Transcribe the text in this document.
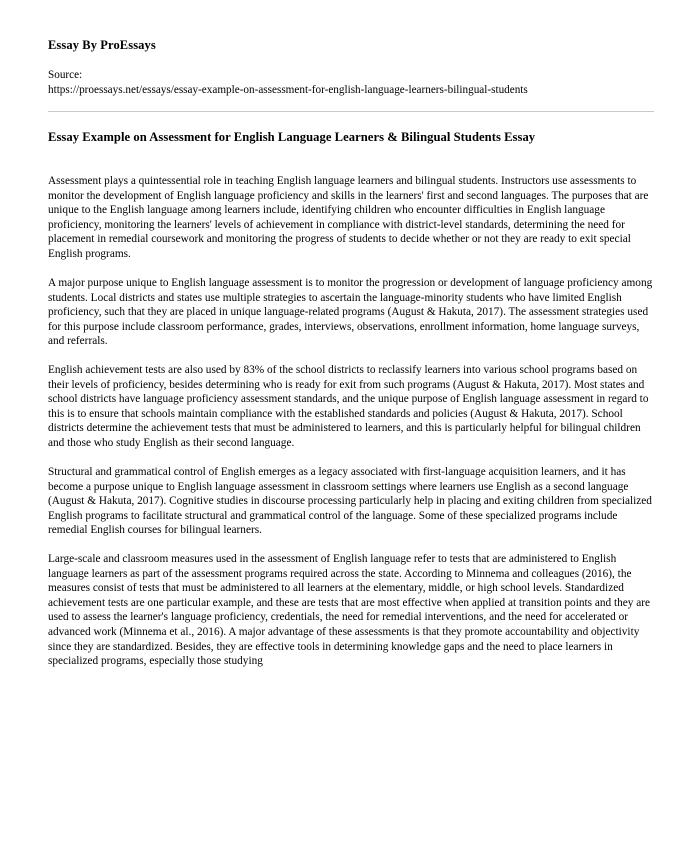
Essay By ProEssays
Source:
https://proessays.net/essays/essay-example-on-assessment-for-english-language-learners-bilingual-students
Essay Example on Assessment for English Language Learners & Bilingual Students Essay

Assessment plays a quintessential role in teaching English language learners and bilingual students. Instructors use assessments to monitor the development of English language proficiency and skills in the learners' first and second languages. The purposes that are unique to the English language among learners include, identifying children who encounter difficulties in English language proficiency, monitoring the learners' levels of achievement in compliance with district-level standards, determining the need for placement in remedial coursework and monitoring the progress of students to decide whether or not they are ready to exit special English programs.

A major purpose unique to English language assessment is to monitor the progression or development of language proficiency among students. Local districts and states use multiple strategies to ascertain the language-minority students who have limited English proficiency, such that they are placed in unique language-related programs (August & Hakuta, 2017). The assessment strategies used for this purpose include classroom performance, grades, interviews, observations, enrollment information, home language surveys, and referrals.

English achievement tests are also used by 83% of the school districts to reclassify learners into various school programs based on their levels of proficiency, besides determining who is ready for exit from such programs (August & Hakuta, 2017). Most states and school districts have language proficiency assessment standards, and the unique purpose of English language assessment in regard to this is to ensure that schools maintain compliance with the established standards and policies (August & Hakuta, 2017). School districts determine the achievement tests that must be administered to learners, and this is particularly helpful for bilingual children and those who study English as their second language.

Structural and grammatical control of English emerges as a legacy associated with first-language acquisition learners, and it has become a purpose unique to English language assessment in classroom settings where learners use English as a second language (August & Hakuta, 2017). Cognitive studies in discourse processing particularly help in placing and exiting children from specialized English programs to facilitate structural and grammatical control of the language. Some of these specialized programs include remedial English courses for bilingual learners.

Large-scale and classroom measures used in the assessment of English language refer to tests that are administered to English language learners as part of the assessment programs required across the state. According to Minnema and colleagues (2016), the measures consist of tests that must be administered to all learners at the elementary, middle, or high school levels. Standardized achievement tests are one particular example, and these are tests that are most effective when applied at transition points and they are used to assess the learner's language proficiency, credentials, the need for remedial interventions, and the need for accelerated or advanced work (Minnema et al., 2016). A major advantage of these assessments is that they promote accountability and objectivity since they are standardized. Besides, they are effective tools in determining knowledge gaps and the need to place learners in specialized programs, especially those studying
